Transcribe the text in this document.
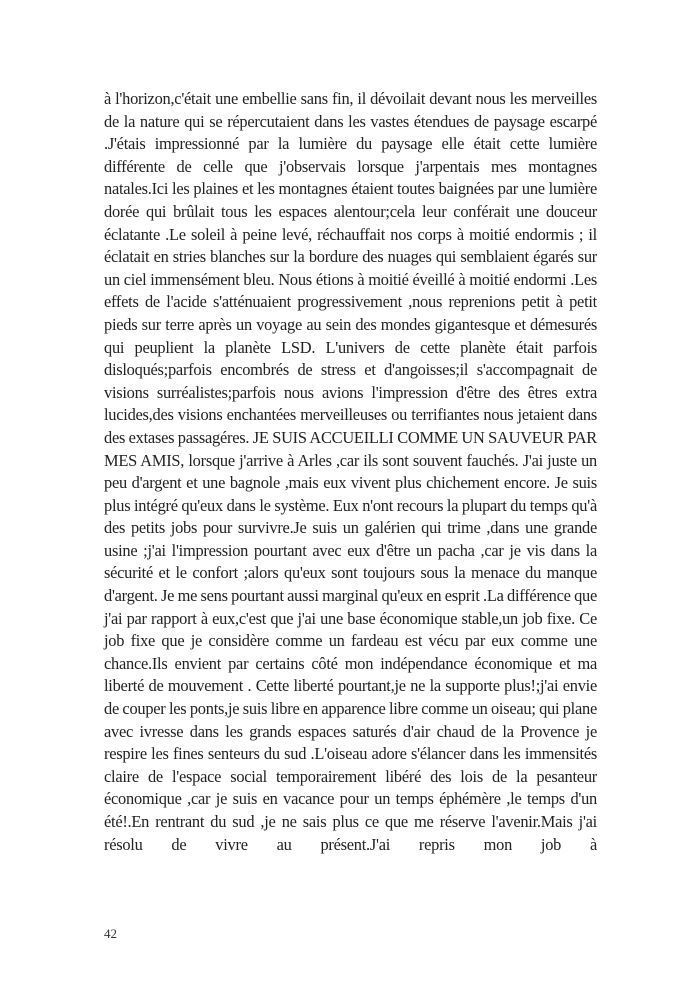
à l'horizon,c'était une embellie sans fin, il dévoilait devant nous les merveilles de la nature qui se répercutaient dans les vastes étendues de paysage escarpé .J'étais impressionné par la lumière du paysage elle était cette lumière différente de celle que j'observais lorsque j'arpentais mes montagnes natales.Ici les plaines et les montagnes étaient toutes baignées par une lumière dorée qui brûlait tous les espaces alentour;cela leur conférait une douceur éclatante .Le soleil à peine levé, réchauffait nos corps à moitié endormis ; il éclatait en stries blanches sur la bordure des nuages qui semblaient égarés sur un ciel immensément bleu. Nous étions à moitié éveillé à moitié endormi .Les effets de l'acide s'atténuaient progressivement ,nous reprenions petit à petit pieds sur terre après un voyage au sein des mondes gigantesque et démesurés qui peuplient la planète LSD. L'univers de cette planète était parfois disloqués;parfois encombrés de stress et d'angoisses;il s'accompagnait de visions surréalistes;parfois nous avions l'impression d'être des êtres extra lucides,des visions enchantées merveilleuses ou terrifiantes nous jetaient dans des extases passagéres. JE SUIS ACCUEILLI COMME UN SAUVEUR PAR MES AMIS, lorsque j'arrive à Arles ,car ils sont souvent fauchés. J'ai juste un peu d'argent et une bagnole ,mais eux vivent plus chichement encore. Je suis plus intégré qu'eux dans le système. Eux n'ont recours la plupart du temps qu'à des petits jobs pour survivre.Je suis un galérien qui trime ,dans une grande usine ;j'ai l'impression pourtant avec eux d'être un pacha ,car je vis dans la sécurité et le confort ;alors qu'eux sont toujours sous la menace du manque d'argent. Je me sens pourtant aussi marginal qu'eux en esprit .La différence que j'ai par rapport à eux,c'est que j'ai une base économique stable,un job fixe. Ce job fixe que je considère comme un fardeau est vécu par eux comme une chance.Ils envient par certains côté mon indépendance économique et ma liberté de mouvement . Cette liberté pourtant,je ne la supporte plus!;j'ai envie de couper les ponts,je suis libre en apparence libre comme un oiseau; qui plane avec ivresse dans les grands espaces saturés d'air chaud de la Provence je respire les fines senteurs du sud .L'oiseau adore s'élancer dans les immensités claire de l'espace social temporairement libéré des lois de la pesanteur économique ,car je suis en vacance pour un temps éphémère ,le temps d'un été!.En rentrant du sud ,je ne sais plus ce que me réserve l'avenir.Mais j'ai résolu de vivre au présent.J'ai repris mon job à

42
